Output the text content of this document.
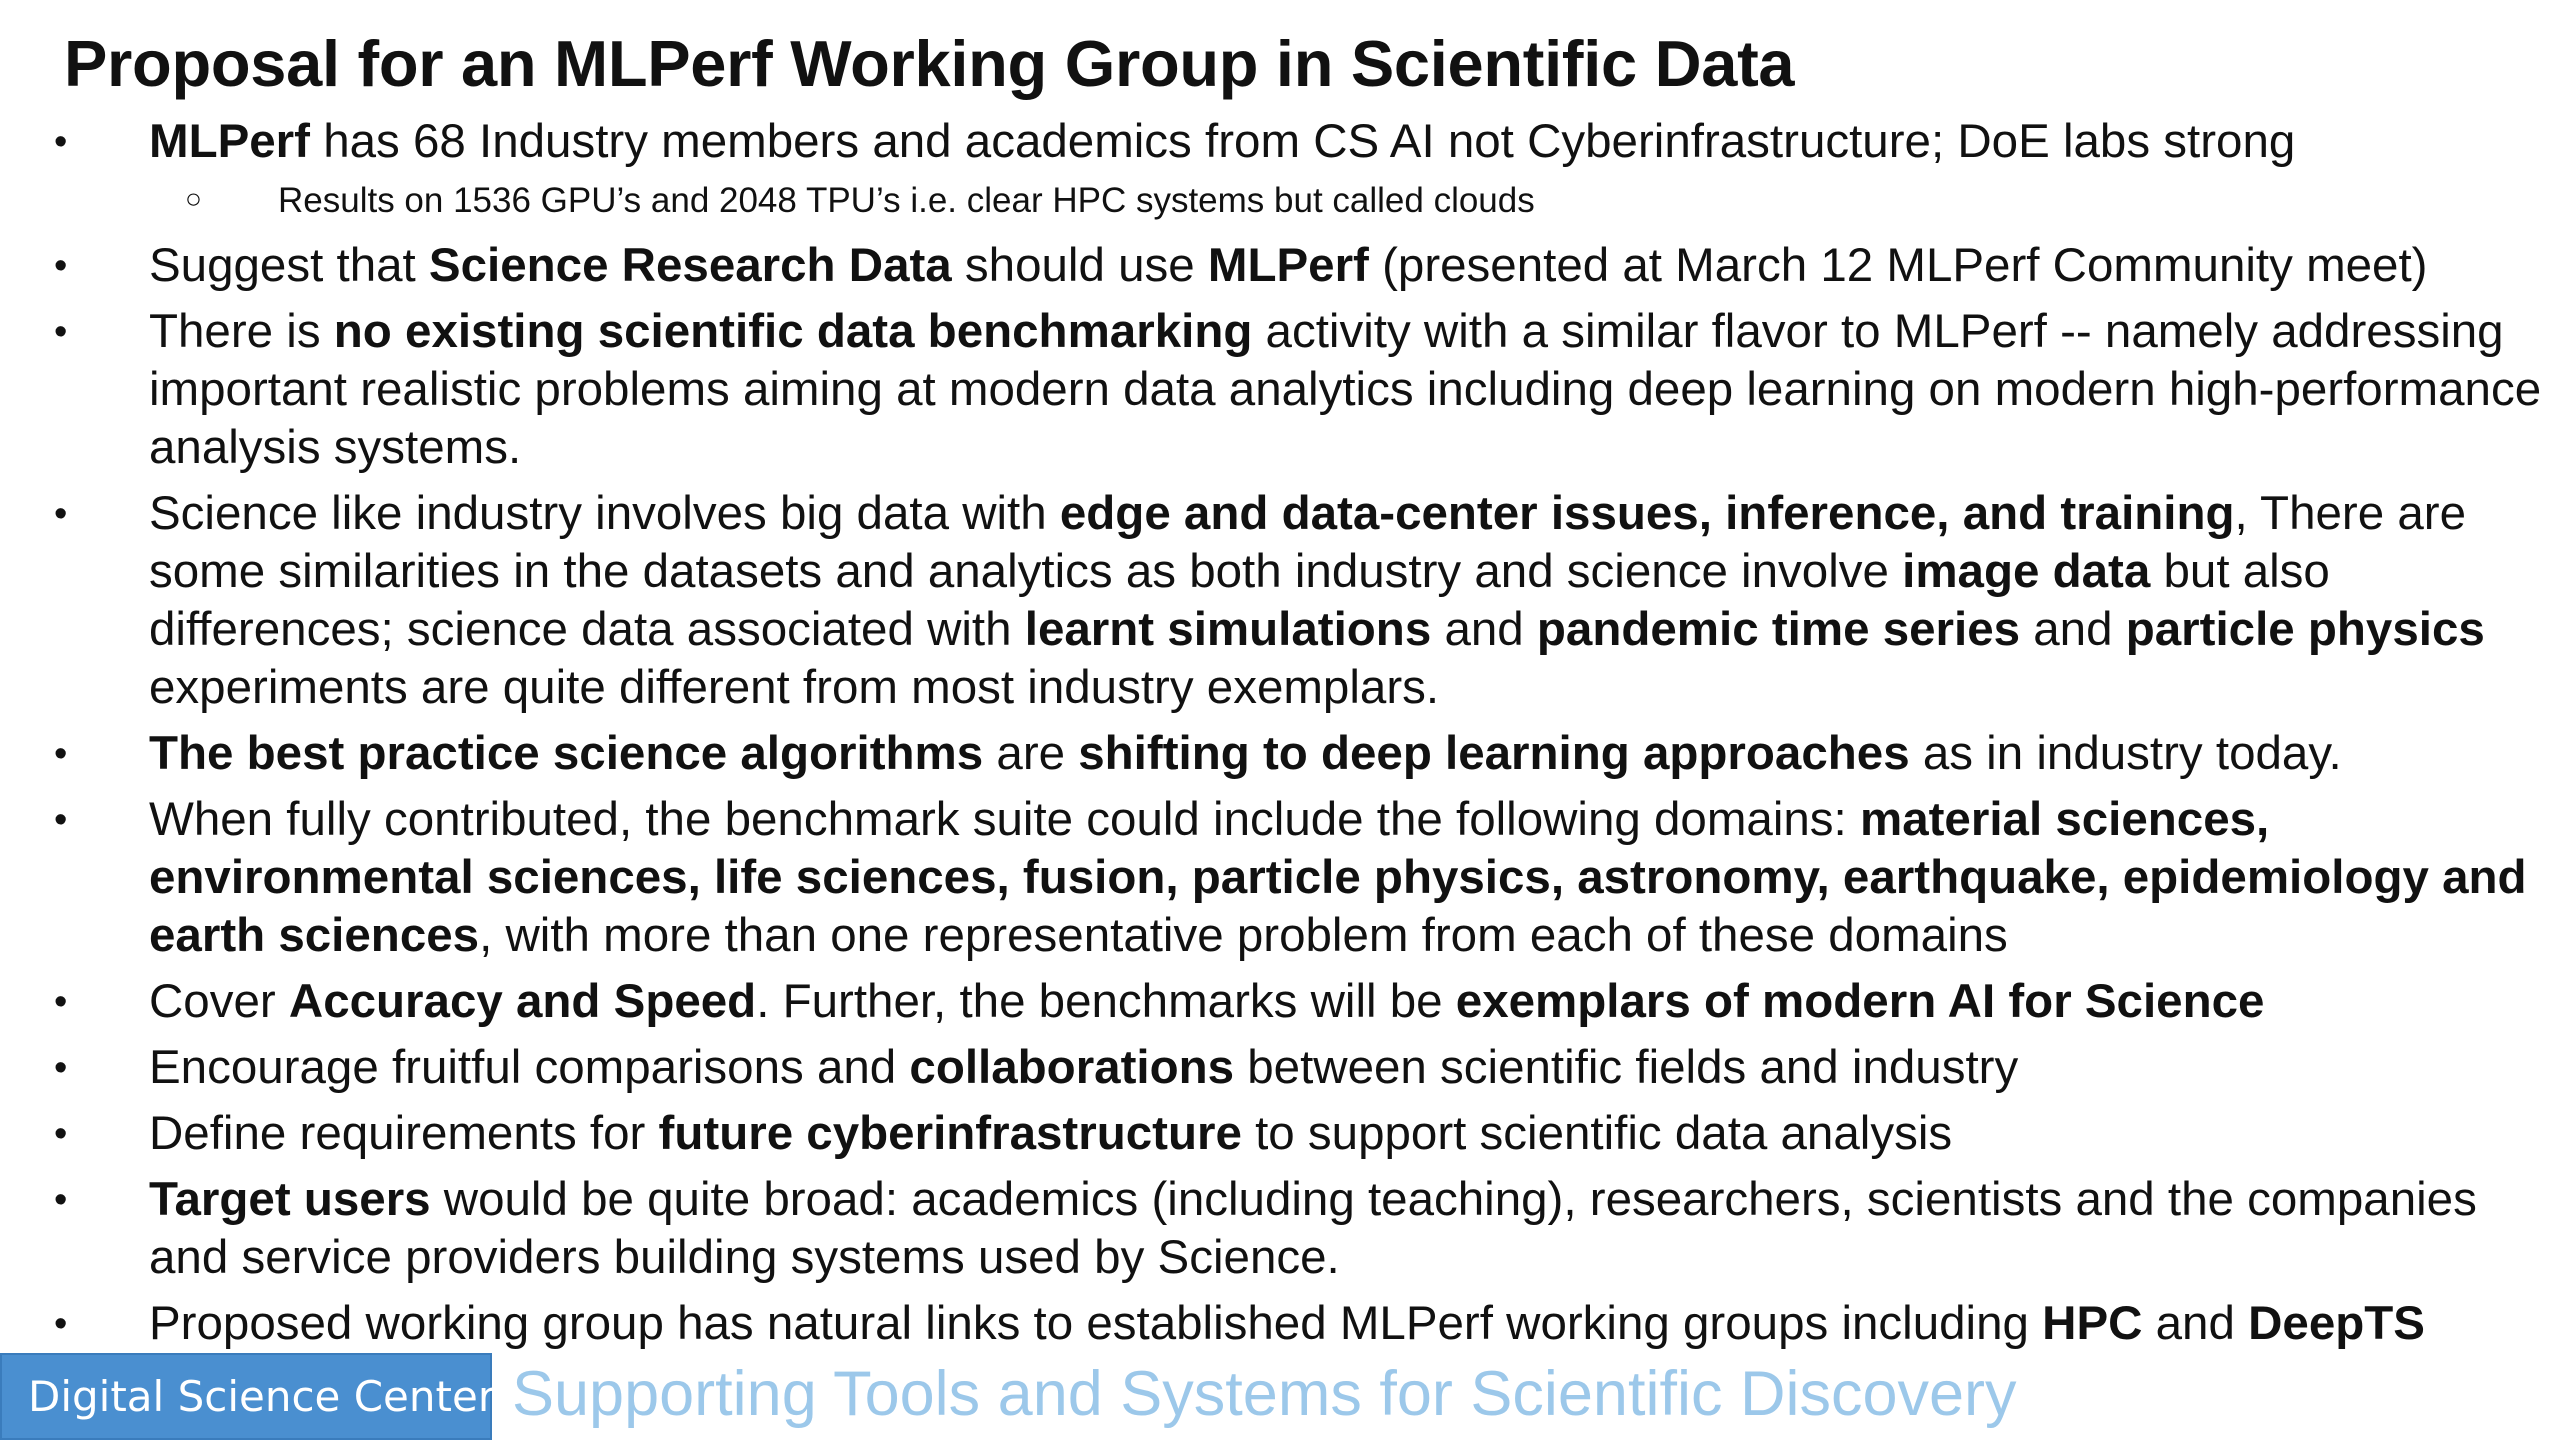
Proposal for an MLPerf Working Group in Scientific Data
• MLPerf has 68 Industry members and academics from CS AI not Cyberinfrastructure; DoE labs strong
○ Results on 1536 GPU’s and 2048 TPU’s i.e. clear HPC systems but called clouds
• Suggest that Science Research Data should use MLPerf (presented at March 12 MLPerf Community meet)
• There is no existing scientific data benchmarking activity with a similar flavor to MLPerf -- namely addressing important realistic problems aiming at modern data analytics including deep learning on modern high-performance analysis systems.
• Science like industry involves big data with edge and data-center issues, inference, and training, There are some similarities in the datasets and analytics as both industry and science involve image data but also differences; science data associated with learnt simulations and pandemic time series and particle physics experiments are quite different from most industry exemplars.
• The best practice science algorithms are shifting to deep learning approaches as in industry today.
• When fully contributed, the benchmark suite could include the following domains: material sciences, environmental sciences, life sciences, fusion, particle physics, astronomy, earthquake, epidemiology and earth sciences, with more than one representative problem from each of these domains
• Cover Accuracy and Speed. Further, the benchmarks will be exemplars of modern AI for Science
• Encourage fruitful comparisons and collaborations between scientific fields and industry
• Define requirements for future cyberinfrastructure to support scientific data analysis
• Target users would be quite broad: academics (including teaching), researchers, scientists and the companies and service providers building systems used by Science.
• Proposed working group has natural links to established MLPerf working groups including HPC and DeepTS
Digital Science Center Supporting Tools and Systems for Scientific Discovery
